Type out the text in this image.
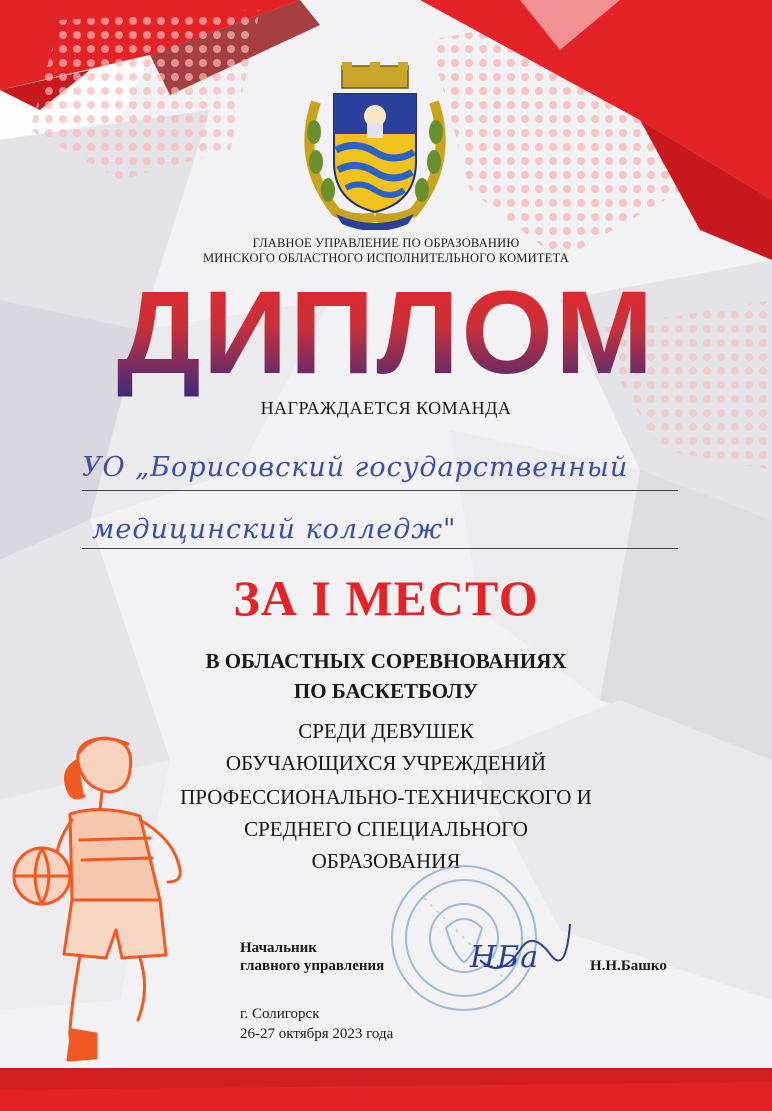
ГЛАВНОЕ УПРАВЛЕНИЕ ПО ОБРАЗОВАНИЮ
МИНСКОГО ОБЛАСТНОГО ИСПОЛНИТЕЛЬНОГО КОМИТЕТА
ДИПЛОМ
НАГРАЖДАЕТСЯ КОМАНДА
УО „Борисовский государственный
медицинский колледж"
ЗА I МЕСТО
В ОБЛАСТНЫХ СОРЕВНОВАНИЯХ
ПО БАСКЕТБОЛУ
СРЕДИ ДЕВУШЕК
ОБУЧАЮЩИХСЯ УЧРЕЖДЕНИЙ
ПРОФЕССИОНАЛЬНО-ТЕХНИЧЕСКОГО И
СРЕДНЕГО СПЕЦИАЛЬНОГО
ОБРАЗОВАНИЯ
Начальник
главного управления	НБа	Н.Н.Башко
г. Солигорск
26-27 октября 2023 года
